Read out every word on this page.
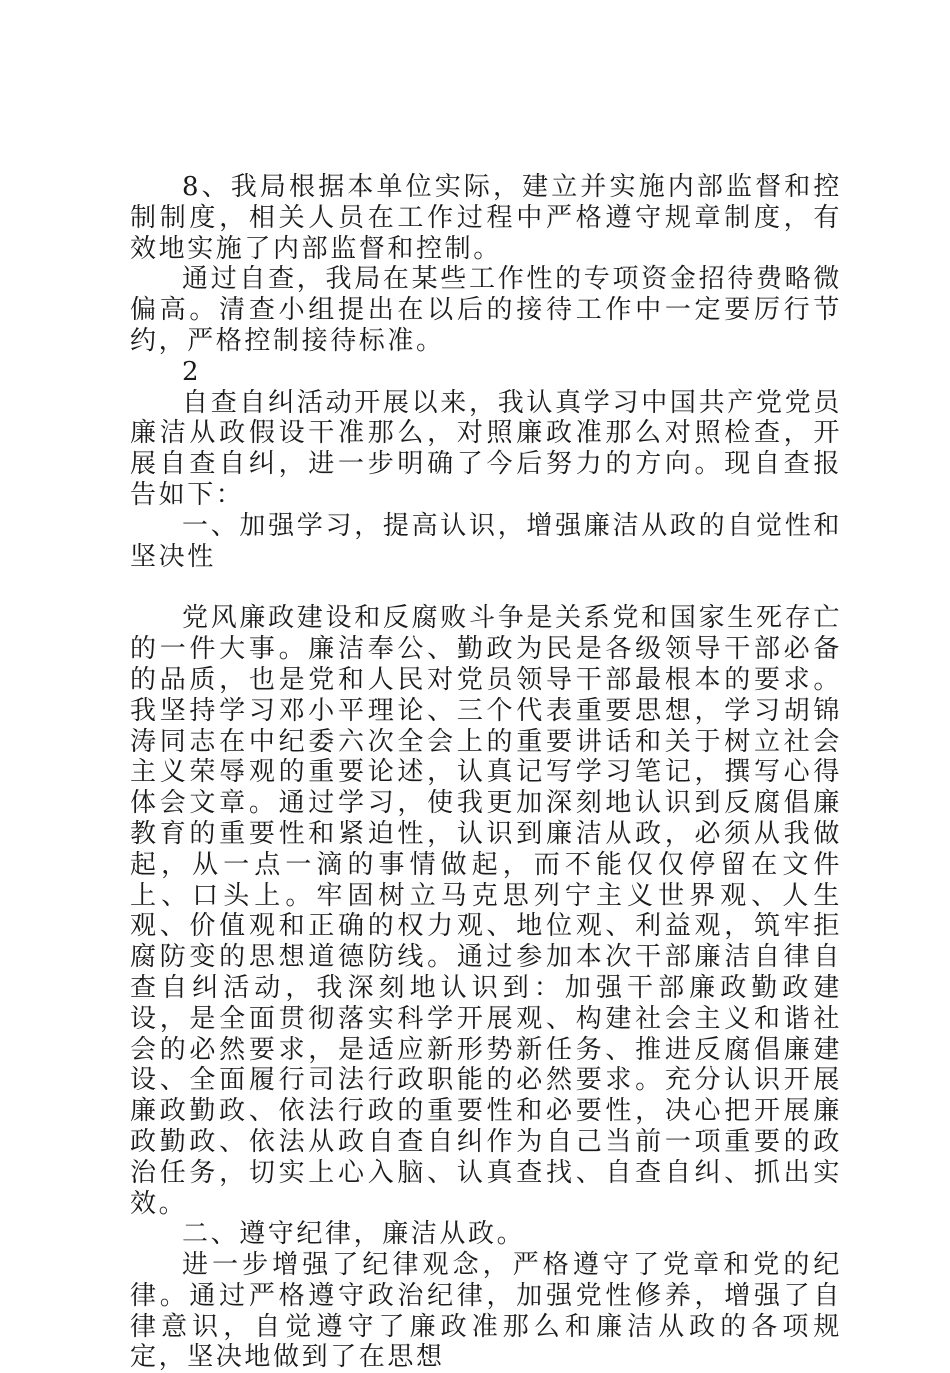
8、我局根据本单位实际，建立并实施内部监督和控制制度，相关人员在工作过程中严格遵守规章制度，有效地实施了内部监督和控制。

通过自查，我局在某些工作性的专项资金招待费略微偏高。清查小组提出在以后的接待工作中一定要厉行节约，严格控制接待标准。

2

自查自纠活动开展以来，我认真学习中国共产党党员廉洁从政假设干准那么，对照廉政准那么对照检查，开展自查自纠，进一步明确了今后努力的方向。现自查报告如下：

一、加强学习，提高认识，增强廉洁从政的自觉性和坚决性

党风廉政建设和反腐败斗争是关系党和国家生死存亡的一件大事。廉洁奉公、勤政为民是各级领导干部必备的品质，也是党和人民对党员领导干部最根本的要求。我坚持学习邓小平理论、三个代表重要思想，学习胡锦涛同志在中纪委六次全会上的重要讲话和关于树立社会主义荣辱观的重要论述，认真记写学习笔记，撰写心得体会文章。通过学习，使我更加深刻地认识到反腐倡廉教育的重要性和紧迫性，认识到廉洁从政，必须从我做起，从一点一滴的事情做起，而不能仅仅停留在文件上、口头上。牢固树立马克思列宁主义世界观、人生观、价值观和正确的权力观、地位观、利益观，筑牢拒腐防变的思想道德防线。通过参加本次干部廉洁自律自查自纠活动，我深刻地认识到：加强干部廉政勤政建设，是全面贯彻落实科学开展观、构建社会主义和谐社会的必然要求，是适应新形势新任务、推进反腐倡廉建设、全面履行司法行政职能的必然要求。充分认识开展廉政勤政、依法行政的重要性和必要性，决心把开展廉政勤政、依法从政自查自纠作为自己当前一项重要的政治任务，切实上心入脑、认真查找、自查自纠、抓出实效。

二、遵守纪律，廉洁从政。

进一步增强了纪律观念，严格遵守了党章和党的纪律。通过严格遵守政治纪律，加强党性修养，增强了自律意识，自觉遵守了廉政准那么和廉洁从政的各项规定，坚决地做到了在思想
